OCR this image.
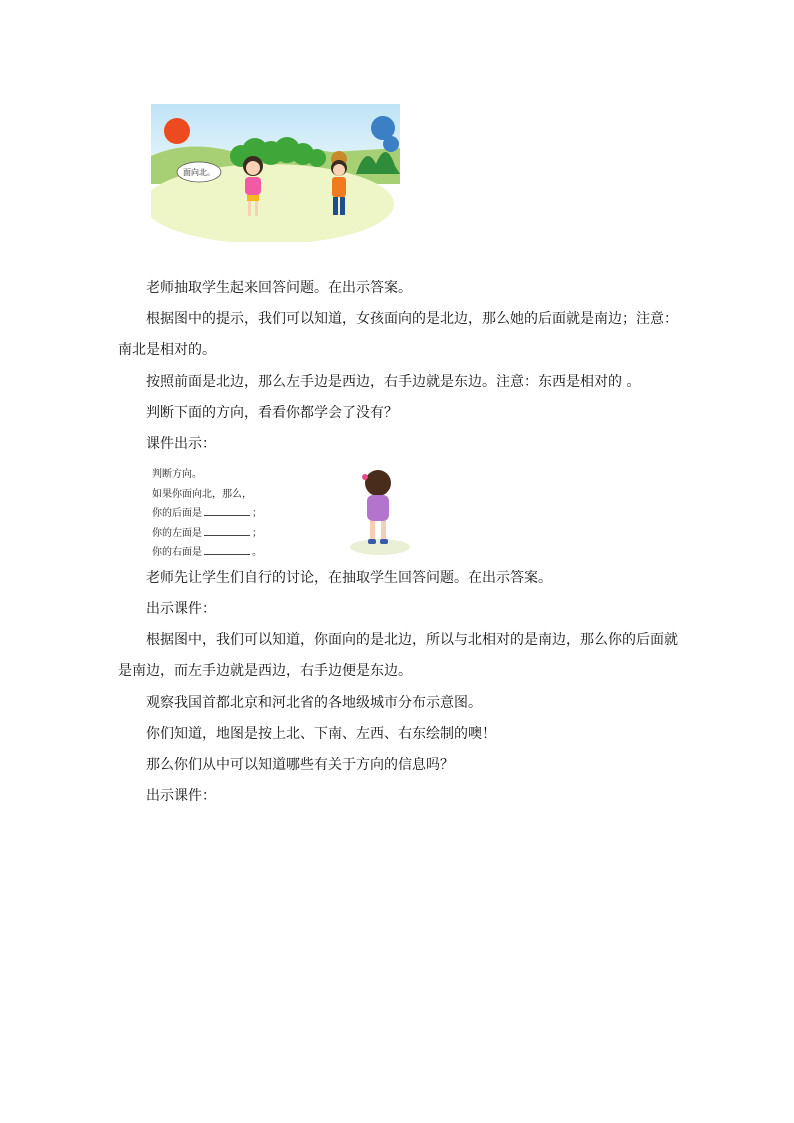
面向北。

老师抽取学生起来回答问题。在出示答案。

根据图中的提示，我们可以知道，女孩面向的是北边，那么她的后面就是南边；注意：南北是相对的。

按照前面是北边，那么左手边是西边，右手边就是东边。注意：东西是相对的 。

判断下面的方向，看看你都学会了没有？

课件出示：

判断方向。
如果你面向北，那么，
你的后面是	；
你的左面是	；
你的右面是	。

老师先让学生们自行的讨论，在抽取学生回答问题。在出示答案。

出示课件：

根据图中，我们可以知道，你面向的是北边，所以与北相对的是南边，那么你的后面就是南边，而左手边就是西边，右手边便是东边。

观察我国首都北京和河北省的各地级城市分布示意图。

你们知道，地图是按上北、下南、左西、右东绘制的噢！

那么你们从中可以知道哪些有关于方向的信息吗？

出示课件：
